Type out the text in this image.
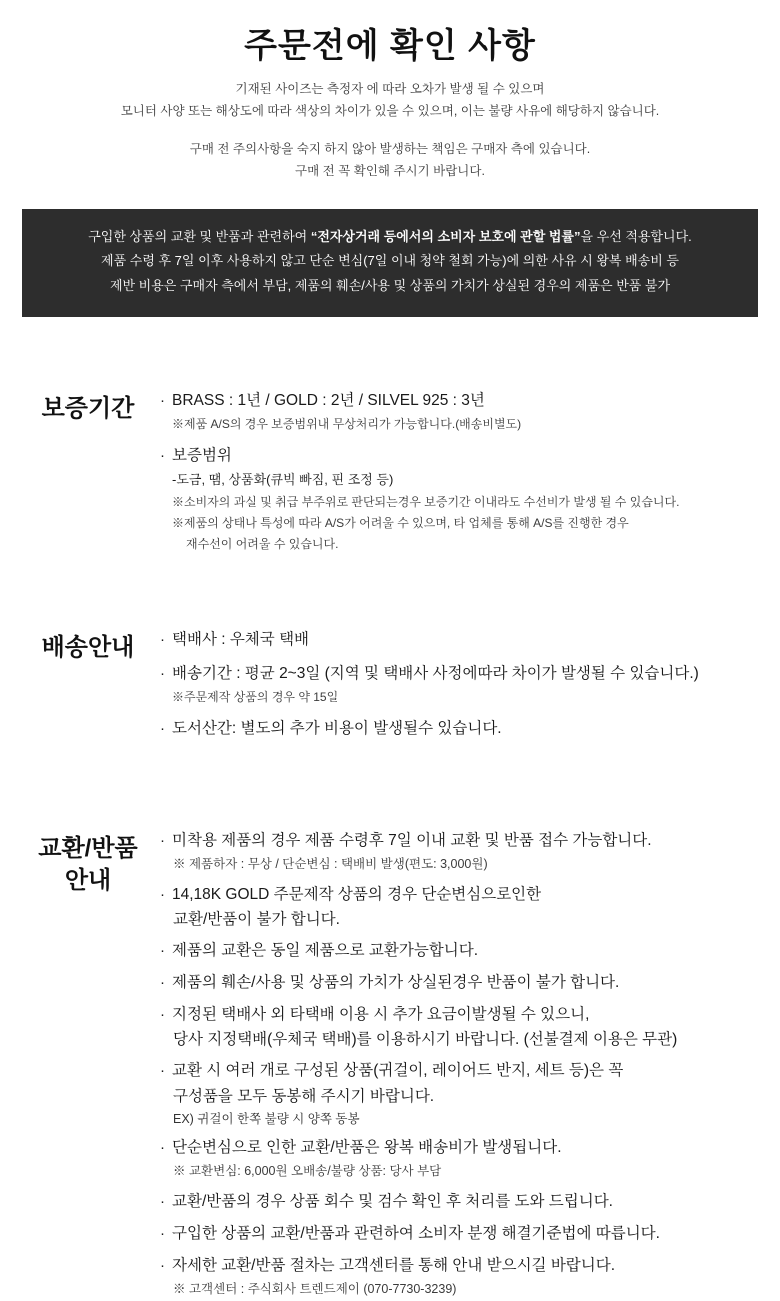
주문전에 확인 사항
기재된 사이즈는 측정자 에 따라 오차가 발생 될 수 있으며
모니터 사양 또는 해상도에 따라 색상의 차이가 있을 수 있으며, 이는 불량 사유에 해당하지 않습니다.
구매 전 주의사항을 숙지 하지 않아 발생하는 책임은 구매자 측에 있습니다.
구매 전 꼭 확인해 주시기 바랍니다.
구입한 상품의 교환 및 반품과 관련하여 “전자상거래 등에서의 소비자 보호에 관할 법률”을 우선 적용합니다.
제품 수령 후 7일 이후 사용하지 않고 단순 변심(7일 이내 청약 철회 가능)에 의한 사유 시 왕복 배송비 등
제반 비용은 구매자 측에서 부담, 제품의 훼손/사용 및 상품의 가치가 상실된 경우의 제품은 반품 불가
보증기간	· BRASS : 1년 / GOLD : 2년 / SILVEL 925 : 3년
※제품 A/S의 경우 보증범위내 무상처리가 가능합니다.(배송비별도)
· 보증범위
-도금, 땜, 상품화(큐빅 빠짐, 핀 조정 등)
※소비자의 과실 및 취급 부주위로 판단되는경우 보증기간 이내라도 수선비가 발생 될 수 있습니다.
※제품의 상태나 특성에 따라 A/S가 어려울 수 있으며, 타 업체를 통해 A/S를 진행한 경우
재수선이 어려울 수 있습니다.
배송안내	· 택배사 : 우체국 택배
· 배송기간 : 평균 2~3일 (지역 및 택배사 사정에따라 차이가 발생될 수 있습니다.)
※주문제작 상품의 경우 약 15일
· 도서산간: 별도의 추가 비용이 발생될수 있습니다.
교환/반품
안내
· 미착용 제품의 경우 제품 수령후 7일 이내 교환 및 반품 접수 가능합니다.
※ 제품하자 : 무상 / 단순변심 : 택배비 발생(편도: 3,000원)
· 14,18K GOLD 주문제작 상품의 경우 단순변심으로인한
교환/반품이 불가 합니다.
· 제품의 교환은 동일 제품으로 교환가능합니다.
· 제품의 훼손/사용 및 상품의 가치가 상실된경우 반품이 불가 합니다.
· 지정된 택배사 외 타택배 이용 시 추가 요금이발생될 수 있으니,
당사 지정택배(우체국 택배)를 이용하시기 바랍니다. (선불결제 이용은 무관)
· 교환 시 여러 개로 구성된 상품(귀걸이, 레이어드 반지, 세트 등)은 꼭
구성품을 모두 동봉해 주시기 바랍니다.
EX) 귀걸이 한쪽 불량 시 양쪽 동봉
· 단순변심으로 인한 교환/반품은 왕복 배송비가 발생됩니다.
※ 교환변심: 6,000원 오배송/불량 상품: 당사 부담
· 교환/반품의 경우 상품 회수 및 검수 확인 후 처리를 도와 드립니다.
· 구입한 상품의 교환/반품과 관련하여 소비자 분쟁 해결기준법에 따릅니다.
· 자세한 교환/반품 절차는 고객센터를 통해 안내 받으시길 바랍니다.
※ 고객센터 : 주식회사 트렌드제이 (070-7730-3239)
